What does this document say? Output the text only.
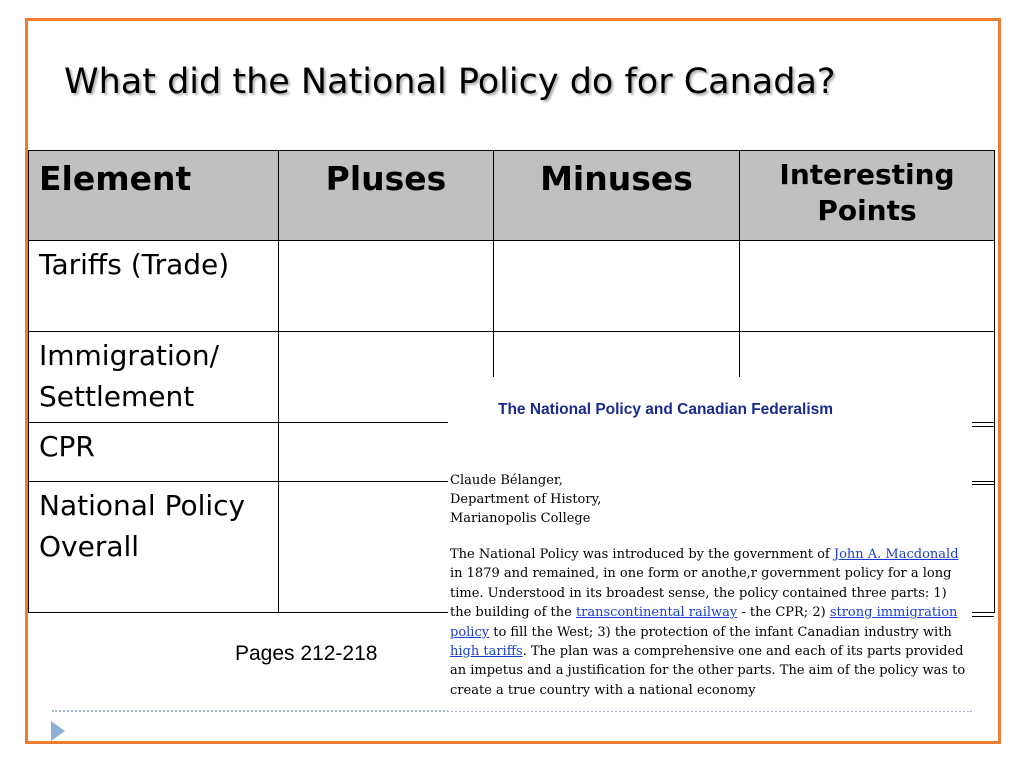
What did the National Policy do for Canada?
Element	Pluses	Minuses	Interesting Points
Tariffs (Trade)			
Immigration/ Settlement			
CPR			
National Policy Overall			
Pages 212-218
The National Policy and Canadian Federalism
Claude Bélanger,
Department of History,
Marianopolis College
The National Policy was introduced by the government of John A. Macdonald in 1879 and remained, in one form or anothe,r government policy for a long time. Understood in its broadest sense, the policy contained three parts: 1) the building of the transcontinental railway - the CPR; 2) strong immigration policy to fill the West; 3) the protection of the infant Canadian industry with high tariffs. The plan was a comprehensive one and each of its parts provided an impetus and a justification for the other parts. The aim of the policy was to create a true country with a national economy
